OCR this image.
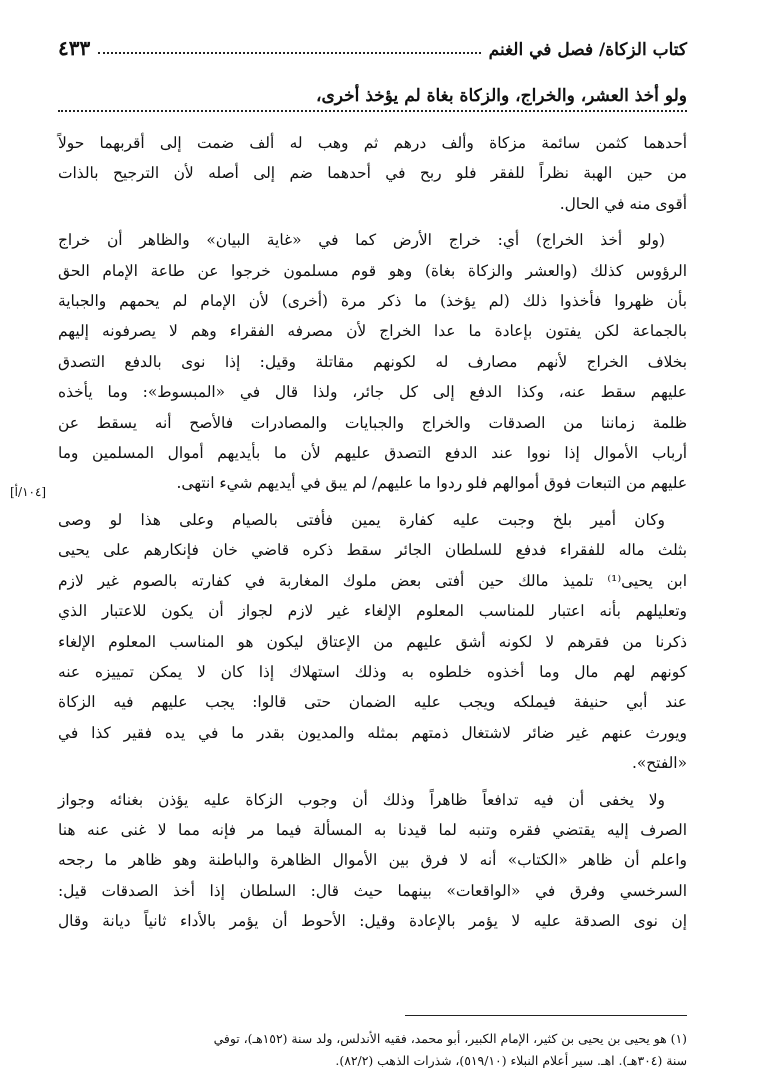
كتاب الزكاة/ فصل في الغنم
٤٣٣
ولو أخذ العشر، والخراج، والزكاة بغاة لم يؤخذ أخرى،
[١٠٤/أ]

أحدهما كثمن سائمة مزكاة وألف درهم ثم وهب له ألف ضمت إلى أقربهما حولاً
من حين الهبة نظراً للفقر فلو ربح في أحدهما ضم إلى أصله لأن الترجيح بالذات
أقوى منه في الحال.

(ولو أخذ الخراج) أي: خراج الأرض كما في «غاية البيان» والظاهر أن خراج
الرؤوس كذلك (والعشر والزكاة بغاة) وهو قوم مسلمون خرجوا عن طاعة الإمام الحق
بأن ظهروا فأخذوا ذلك (لم يؤخذ) ما ذكر مرة (أخرى) لأن الإمام لم يحمهم والجباية
بالجماعة لكن يفتون بإعادة ما عدا الخراج لأن مصرفه الفقراء وهم لا يصرفونه إليهم
بخلاف الخراج لأنهم مصارف له لكونهم مقاتلة وقيل: إذا نوى بالدفع التصدق
عليهم سقط عنه، وكذا الدفع إلى كل جائر، ولذا قال في «المبسوط»: وما يأخذه
ظلمة زماننا من الصدقات والخراج والجبايات والمصادرات فالأصح أنه يسقط عن
أرباب الأموال إذا نووا عند الدفع التصدق عليهم لأن ما بأيديهم أموال المسلمين وما
عليهم من التبعات فوق أموالهم فلو ردوا ما عليهم/ لم يبق في أيديهم شيء انتهى.

وكان أمير بلخ وجبت عليه كفارة يمين فأفتى بالصيام وعلى هذا لو وصى
بثلث ماله للفقراء فدفع للسلطان الجائر سقط ذكره قاضي خان فإنكارهم على يحيى
ابن يحيى⁽¹⁾ تلميذ مالك حين أفتى بعض ملوك المغاربة في كفارته بالصوم غير لازم
وتعليلهم بأنه اعتبار للمناسب المعلوم الإلغاء غير لازم لجواز أن يكون للاعتبار الذي
ذكرنا من فقرهم لا لكونه أشق عليهم من الإعتاق ليكون هو المناسب المعلوم الإلغاء
كونهم لهم مال وما أخذوه خلطوه به وذلك استهلاك إذا كان لا يمكن تمييزه عنه
عند أبي حنيفة فيملكه ويجب عليه الضمان حتى قالوا: يجب عليهم فيه الزكاة
ويورث عنهم غير ضائر لاشتغال ذمتهم بمثله والمديون بقدر ما في يده فقير كذا في
«الفتح».

ولا يخفى أن فيه تدافعاً ظاهراً وذلك أن وجوب الزكاة عليه يؤذن بغنائه وجواز
الصرف إليه يقتضي فقره وتنبه لما قيدنا به المسألة فيما مر فإنه مما لا غنى عنه هنا
واعلم أن ظاهر «الكتاب» أنه لا فرق بين الأموال الظاهرة والباطنة وهو ظاهر ما رجحه
السرخسي وفرق في «الواقعات» بينهما حيث قال: السلطان إذا أخذ الصدقات قيل:
إن نوى الصدقة عليه لا يؤمر بالإعادة وقيل: الأحوط أن يؤمر بالأداء ثانياً ديانة وقال

(١) هو يحيى بن يحيى بن كثير، الإمام الكبير، أبو محمد، فقيه الأندلس، ولد سنة (١٥٢هـ)، توفي
سنة (٣٠٤هـ). اهـ. سير أعلام النبلاء (٥١٩/١٠)، شذرات الذهب (٨٢/٢).
